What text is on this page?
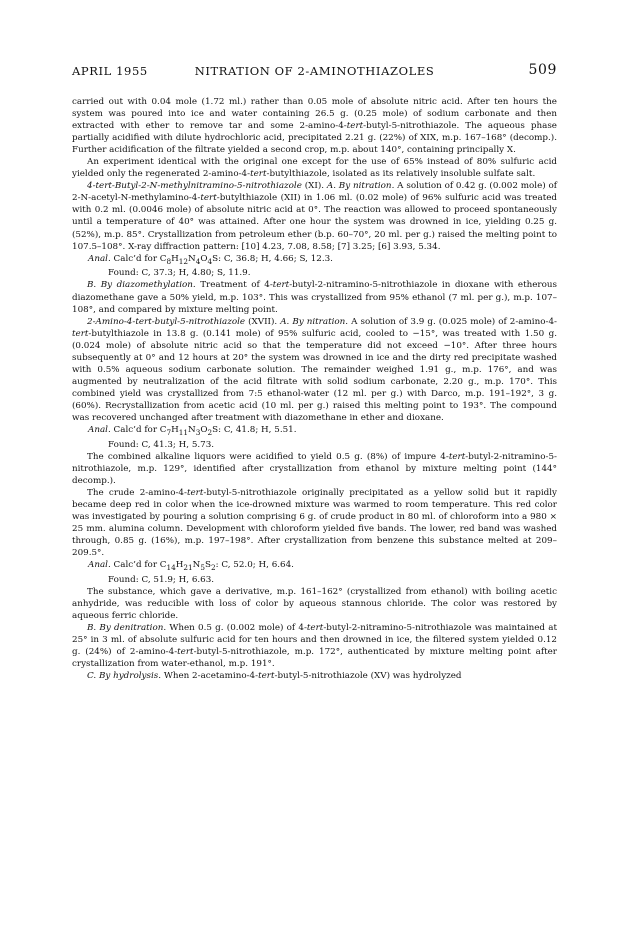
APRIL 1955	NITRATION OF 2-AMINOTHIAZOLES	509

carried out with 0.04 mole (1.72 ml.) rather than 0.05 mole of absolute nitric acid. After ten hours the system was poured into ice and water containing 26.5 g. (0.25 mole) of sodium carbonate and then extracted with ether to remove tar and some 2-amino-4-tert-butyl-5-nitrothiazole. The aqueous phase partially acidified with dilute hydrochloric acid, precipitated 2.21 g. (22%) of XIX, m.p. 167–168° (decomp.). Further acidification of the filtrate yielded a second crop, m.p. about 140°, containing principally X.

An experiment identical with the original one except for the use of 65% instead of 80% sulfuric acid yielded only the regenerated 2-amino-4-tert-butylthiazole, isolated as its relatively insoluble sulfate salt.

4-tert-Butyl-2-N-methylnitramino-5-nitrothiazole (XI). A. By nitration. A solution of 0.42 g. (0.002 mole) of 2-N-acetyl-N-methylamino-4-tert-butylthiazole (XII) in 1.06 ml. (0.02 mole) of 96% sulfuric acid was treated with 0.2 ml. (0.0046 mole) of absolute nitric acid at 0°. The reaction was allowed to proceed spontaneously until a temperature of 40° was attained. After one hour the system was drowned in ice, yielding 0.25 g. (52%), m.p. 85°. Crystallization from petroleum ether (b.p. 60–70°, 20 ml. per g.) raised the melting point to 107.5–108°. X-ray diffraction pattern: [10] 4.23, 7.08, 8.58; [7] 3.25; [6] 3.93, 5.34.

Anal. Calc’d for $C_8H_{12}N_4O_4S$: C, 36.8; H, 4.66; S, 12.3.

Found: C, 37.3; H, 4.80; S, 11.9.

B. By diazomethylation. Treatment of 4-tert-butyl-2-nitramino-5-nitrothiazole in dioxane with etherous diazomethane gave a 50% yield, m.p. 103°. This was crystallized from 95% ethanol (7 ml. per g.), m.p. 107–108°, and compared by mixture melting point.

2-Amino-4-tert-butyl-5-nitrothiazole (XVII). A. By nitration. A solution of 3.9 g. (0.025 mole) of 2-amino-4-tert-butylthiazole in 13.8 g. (0.141 mole) of 95% sulfuric acid, cooled to −15°, was treated with 1.50 g. (0.024 mole) of absolute nitric acid so that the temperature did not exceed −10°. After three hours subsequently at 0° and 12 hours at 20° the system was drowned in ice and the dirty red precipitate washed with 0.5% aqueous sodium carbonate solution. The remainder weighed 1.91 g., m.p. 176°, and was augmented by neutralization of the acid filtrate with solid sodium carbonate, 2.20 g., m.p. 170°. This combined yield was crystallized from 7:5 ethanol-water (12 ml. per g.) with Darco, m.p. 191–192°, 3 g. (60%). Recrystallization from acetic acid (10 ml. per g.) raised this melting point to 193°. The compound was recovered unchanged after treatment with diazomethane in ether and dioxane.

Anal. Calc’d for $C_7H_{11}N_3O_2S$: C, 41.8; H, 5.51.

Found: C, 41.3; H, 5.73.

The combined alkaline liquors were acidified to yield 0.5 g. (8%) of impure 4-tert-butyl-2-nitramino-5-nitrothiazole, m.p. 129°, identified after crystallization from ethanol by mixture melting point (144° decomp.).

The crude 2-amino-4-tert-butyl-5-nitrothiazole originally precipitated as a yellow solid but it rapidly became deep red in color when the ice-drowned mixture was warmed to room temperature. This red color was investigated by pouring a solution comprising 6 g. of crude product in 80 ml. of chloroform into a 980 × 25 mm. alumina column. Development with chloroform yielded five bands. The lower, red band was washed through, 0.85 g. (16%), m.p. 197–198°. After crystallization from benzene this substance melted at 209–209.5°.

Anal. Calc’d for $C_{14}H_{21}N_5S_2$: C, 52.0; H, 6.64.

Found: C, 51.9; H, 6.63.

The substance, which gave a derivative, m.p. 161–162° (crystallized from ethanol) with boiling acetic anhydride, was reducible with loss of color by aqueous stannous chloride. The color was restored by aqueous ferric chloride.

B. By denitration. When 0.5 g. (0.002 mole) of 4-tert-butyl-2-nitramino-5-nitrothiazole was maintained at 25° in 3 ml. of absolute sulfuric acid for ten hours and then drowned in ice, the filtered system yielded 0.12 g. (24%) of 2-amino-4-tert-butyl-5-nitrothiazole, m.p. 172°, authenticated by mixture melting point after crystallization from water-ethanol, m.p. 191°.

C. By hydrolysis. When 2-acetamino-4-tert-butyl-5-nitrothiazole (XV) was hydrolyzed
